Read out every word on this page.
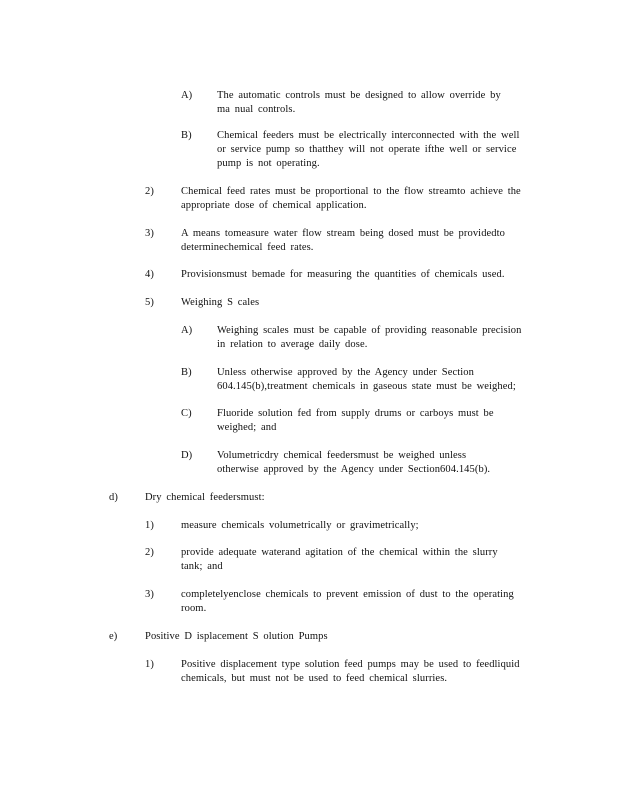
A) The automatic controls must be designed to allow override by
ma nual controls.
B) Chemical feeders must be electrically interconnected with the well
or service pump so thatthey will not operate ifthe well or service
pump is not operating.
2)	Chemical feed rates must be proportional to the flow streamto achieve the
appropriate dose of chemical application.
3)	A means tomeasure water flow stream being dosed must be providedto
determinechemical feed rates.
4)	Provisionsmust bemade for measuring the quantities of chemicals used.
5)	Weighing S cales
A) Weighing scales must be capable of providing reasonable precision
in relation to average daily dose.
B) Unless otherwise approved by the Agency under Section
604.145(b),treatment chemicals in gaseous state must be weighed;
C) Fluoride solution fed from supply drums or carboys must be
weighed; and
D) Volumetricdry chemical feedersmust be weighed unless
otherwise approved by the Agency under Section604.145(b).
d)	Dry chemical feedersmust:
1)	measure chemicals volumetrically or gravimetrically;
2)	provide adequate waterand agitation of the chemical within the slurry
tank; and
3)	completelyenclose chemicals to prevent emission of dust to the operating
room.
e)	Positive D isplacement S olution Pumps
1)	Positive displacement type solution feed pumps may be used to feedliquid
chemicals, but must not be used to feed chemical slurries.
